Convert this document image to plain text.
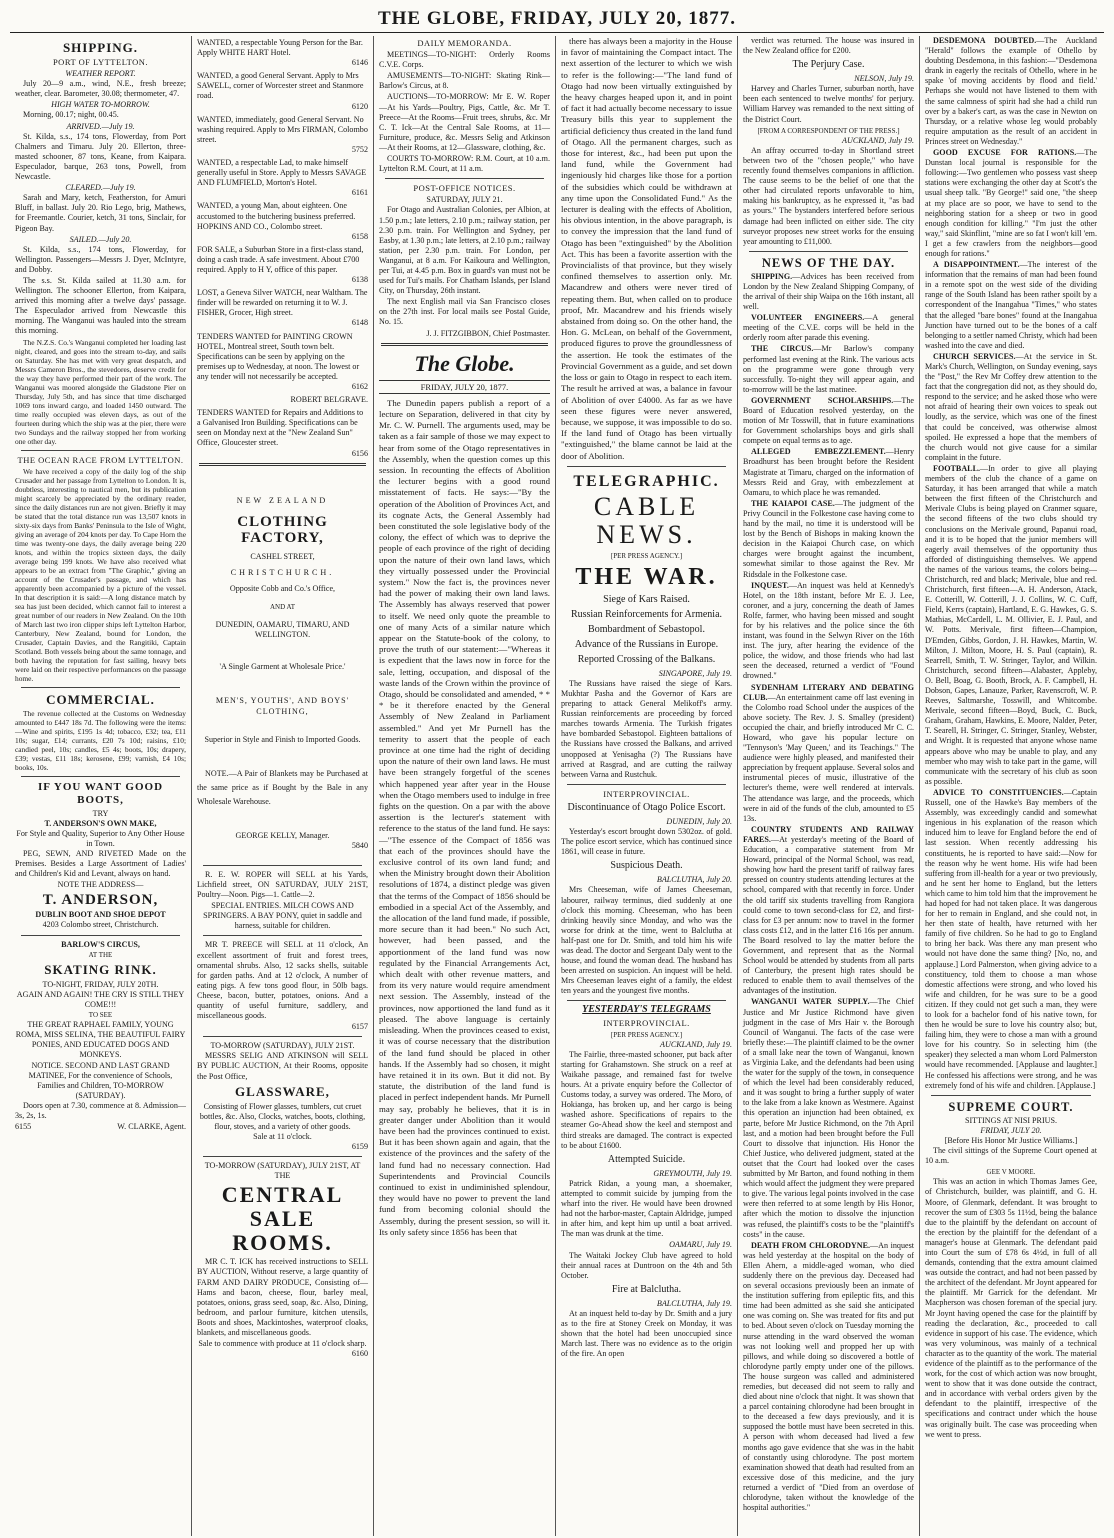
THE GLOBE, FRIDAY, JULY 20, 1877.
SHIPPING.
PORT OF LYTTELTON.
WEATHER REPORT.

July 20—9 a.m., wind, N.E., fresh breeze; weather, clear. Barometer, 30.08; thermometer, 47.

HIGH WATER TO-MORROW.

Morning, 00.17; night, 00.45.

ARRIVED.—July 19.

St. Kilda, s.s., 174 tons, Flowerday, from Port Chalmers and Timaru. July 20. Ellerton, three-masted schooner, 87 tons, Keane, from Kaipara. Especulador, barque, 263 tons, Powell, from Newcastle.

CLEARED.—July 19.

Sarah and Mary, ketch, Featherston, for Amuri Bluff, in ballast. July 20. Rio Lego, brig, Mathews, for Freemantle. Courier, ketch, 31 tons, Sinclair, for Pigeon Bay.

SAILED.—July 20.

St. Kilda, s.s., 174 tons, Flowerday, for Wellington. Passengers—Messrs J. Dyer, McIntyre, and Dobby.

The s.s. St. Kilda sailed at 11.30 a.m. for Wellington. The schooner Ellerton, from Kaipara, arrived this morning after a twelve days' passage. The Especulador arrived from Newcastle this morning. The Wanganui was hauled into the stream this morning.

The N.Z.S. Co.'s Wanganui completed her loading last night, cleared, and goes into the stream to-day, and sails on Saturday. She has met with very great despatch, and Messrs Cameron Bros., the stevedores, deserve credit for the way they have performed their part of the work. The Wanganui was moored alongside the Gladstone Pier on Thursday, July 5th, and has since that time discharged 1069 tons inward cargo, and loaded 1450 outward. The time really occupied was eleven days, as out of the fourteen during which the ship was at the pier, there were two Sundays and the railway stopped her from working one other day.

THE OCEAN RACE FROM LYTTELTON.

We have received a copy of the daily log of the ship Crusader and her passage from Lyttelton to London. It is, doubtless, interesting to nautical men, but its publication might scarcely be appreciated by the ordinary reader, since the daily distances run are not given. Briefly it may be stated that the total distance run was 13,507 knots in sixty-six days from Banks' Peninsula to the Isle of Wight, giving an average of 204 knots per day. To Cape Horn the time was twenty-one days, the daily average being 220 knots, and within the tropics sixteen days, the daily average being 199 knots. We have also received what appears to be an extract from "The Graphic," giving an account of the Crusader's passage, and which has apparently been accompanied by a picture of the vessel. In that description it is said:—A long distance match by sea has just been decided, which cannot fail to interest a great number of our readers in New Zealand. On the 10th of March last two iron clipper ships left Lyttelton Harbor, Canterbury, New Zealand, bound for London, the Crusader, Captain Davies, and the Rangitiki, Captain Scotland. Both vessels being about the same tonnage, and both having the reputation for fast sailing, heavy bets were laid on their respective performances on the passage home.

COMMERCIAL.

The revenue collected at the Customs on Wednesday amounted to £447 18s 7d. The following were the items:—Wine and spirits, £195 1s 4d; tobacco, £32; tea, £11 10s; sugar, £14; currants, £20 7s 10d; raisins, £10; candied peel, 10s; candles, £5 4s; boots, 10s; drapery, £39; vestas, £11 18s; kerosene, £99; varnish, £4 10s; books, 10s.

IF YOU WANT GOOD BOOTS,
TRY
T. ANDERSON'S OWN MAKE,
For Style and Quality, Superior to Any Other House in Town.

PEG, SEWN, AND RIVETED Made on the Premises. Besides a Large Assortment of Ladies' and Children's Kid and Levant, always on hand.

NOTE THE ADDRESS—
T. ANDERSON,
DUBLIN BOOT AND SHOE DEPOT
4203 Colombo street, Christchurch.
BARLOW'S CIRCUS,
AT THE
SKATING RINK.
TO-NIGHT, FRIDAY, JULY 20TH.
AGAIN AND AGAIN! THE CRY IS STILL THEY COME!!!
TO SEE
THE GREAT RAPHAEL FAMILY, YOUNG ROMA, MISS SELINA, THE BEAUTIFUL FAIRY PONIES, AND EDUCATED DOGS AND MONKEYS.
NOTICE. SECOND AND LAST GRAND MATINEE, For the convenience of Schools, Families and Children, TO-MORROW (SATURDAY).

Doors open at 7.30, commence at 8. Admission—3s, 2s, 1s.

6155	W. CLARKE, Agent.
WANTED, a respectable Young Person for the Bar. Apply WHITE HART Hotel.
6146
WANTED, a good General Servant. Apply to Mrs SAWELL, corner of Worcester street and Stanmore road.
6120
WANTED, immediately, good General Servant. No washing required. Apply to Mrs FIRMAN, Colombo street.
5752
WANTED, a respectable Lad, to make himself generally useful in Store. Apply to Messrs SAVAGE AND FLUMFIELD, Morton's Hotel.
6161
WANTED, a young Man, about eighteen. One accustomed to the butchering business preferred. HOPKINS AND CO., Colombo street.
6158
FOR SALE, a Suburban Store in a first-class stand, doing a cash trade. A safe investment. About £700 required. Apply to H Y, office of this paper.
6138
LOST, a Geneva Silver WATCH, near Waltham. The finder will be rewarded on returning it to W. J. FISHER, Grocer, High street.
6148
TENDERS WANTED for PAINTING CROWN HOTEL, Montreal street, South town belt. Specifications can be seen by applying on the premises up to Wednesday, at noon. The lowest or any tender will not necessarily be accepted.
6162
ROBERT BELGRAVE.
TENDERS WANTED for Repairs and Additions to a Galvanised Iron Building. Specifications can be seen on Monday next at the "New Zealand Sun" Office, Gloucester street.
6156
NEW ZEALAND
CLOTHING FACTORY,
CASHEL STREET,
CHRISTCHURCH.
Opposite Cobb and Co.'s Office,
AND AT
DUNEDIN, OAMARU, TIMARU, AND WELLINGTON.
'A Single Garment at Wholesale Price.'
MEN'S, YOUTHS', AND BOYS' CLOTHING,
Superior in Style and Finish to Imported Goods.

NOTE.—A Pair of Blankets may be Purchased at the same price as if Bought by the Bale in any Wholesale Warehouse.

GEORGE KELLY, Manager.
5840

R. E. W. ROPER will SELL at his Yards, Lichfield street, ON SATURDAY, JULY 21ST, Poultry—Noon. Pigs—1. Cattle—2.

SPECIAL ENTRIES. MILCH COWS AND SPRINGERS. A BAY PONY, quiet in saddle and harness, suitable for children.

MR T. PREECE will SELL at 11 o'clock, An excellent assortment of fruit and forest trees, ornamental shrubs. Also, 12 sacks shells, suitable for garden paths. And at 12 o'clock, A number of eating pigs. A few tons good flour, in 50lb bags. Cheese, bacon, butter, potatoes, onions. And a quantity of useful furniture, saddlery, and miscellaneous goods.

6157
TO-MORROW (SATURDAY), JULY 21ST.

MESSRS SELIG AND ATKINSON will SELL BY PUBLIC AUCTION, At their Rooms, opposite the Post Office,

GLASSWARE,
Consisting of Flower glasses, tumblers, cut cruet bottles, &c. Also, Clocks, watches, boots, clothing, flour, stoves, and a variety of other goods.
Sale at 11 o'clock.
6159
TO-MORROW (SATURDAY), JULY 21ST, AT THE
CENTRAL SALE ROOMS.

MR C. T. ICK has received instructions to SELL BY AUCTION, Without reserve, a large quantity of FARM AND DAIRY PRODUCE, Consisting of— Hams and bacon, cheese, flour, barley meal, potatoes, onions, grass seed, soap, &c. Also, Dining, bedroom, and parlour furniture, kitchen utensils, Boots and shoes, Mackintoshes, waterproof cloaks, blankets, and miscellaneous goods.

Sale to commence with produce at 11 o'clock sharp.
6160
DAILY MEMORANDA.

MEETINGS—TO-NIGHT: Orderly Rooms C.V.E. Corps.

AMUSEMENTS—TO-NIGHT: Skating Rink—Barlow's Circus, at 8.

AUCTIONS—TO-MORROW: Mr E. W. Roper—At his Yards—Poultry, Pigs, Cattle, &c. Mr T. Preece—At the Rooms—Fruit trees, shrubs, &c. Mr C. T. Ick—At the Central Sale Rooms, at 11—Furniture, produce, &c. Messrs Selig and Atkinson—At their Rooms, at 12—Glassware, clothing, &c.

COURTS TO-MORROW: R.M. Court, at 10 a.m. Lyttelton R.M. Court, at 11 a.m.

POST-OFFICE NOTICES.
SATURDAY, JULY 21.

For Otago and Australian Colonies, per Albion, at 1.50 p.m.; late letters, 2.10 p.m.; railway station, per 2.30 p.m. train. For Wellington and Sydney, per Easby, at 1.30 p.m.; late letters, at 2.10 p.m.; railway station, per 2.30 p.m. train. For London, per Wanganui, at 8 a.m. For Kaikoura and Wellington, per Tui, at 4.45 p.m. Box in guard's van must not be used for Tui's mails. For Chatham Islands, per Island City, on Thursday, 26th instant.

The next English mail via San Francisco closes on the 27th inst. For local mails see Postal Guide, No. 15.

J. J. FITZGIBBON, Chief Postmaster.
The Globe.
FRIDAY, JULY 20, 1877.

The Dunedin papers publish a report of a lecture on Separation, delivered in that city by Mr. C. W. Purnell. The arguments used, may be taken as a fair sample of those we may expect to hear from some of the Otago representatives in the Assembly, when the question comes up this session. In recounting the effects of Abolition the lecturer begins with a good round misstatement of facts. He says:—"By the operation of the Abolition of Provinces Act, and its cognate Acts, the General Assembly had been constituted the sole legislative body of the colony, the effect of which was to deprive the people of each province of the right of deciding upon the nature of their own land laws, which they virtually possessed under the Provincial system." Now the fact is, the provinces never had the power of making their own land laws. The Assembly has always reserved that power to itself. We need only quote the preamble to one of many Acts of a similar nature which appear on the Statute-book of the colony, to prove the truth of our statement:—"Whereas it is expedient that the laws now in force for the sale, letting, occupation, and disposal of the waste lands of the Crown within the province of Otago, should be consolidated and amended, * * * be it therefore enacted by the General Assembly of New Zealand in Parliament assembled." And yet Mr Purnell has the temerity to assert that the people of each province at one time had the right of deciding upon the nature of their own land laws. He must have been strangely forgetful of the scenes which happened year after year in the House when the Otago members used to indulge in free fights on the question. On a par with the above assertion is the lecturer's statement with reference to the status of the land fund. He says:—"The essence of the Compact of 1856 was that each of the provinces should have the exclusive control of its own land fund; and when the Ministry brought down their Abolition resolutions of 1874, a distinct pledge was given that the terms of the Compact of 1856 should be embodied in a special Act of the Assembly, and the allocation of the land fund made, if possible, more secure than it had been." No such Act, however, had been passed, and the apportionment of the land fund was now regulated by the Financial Arrangements Act, which dealt with other revenue matters, and from its very nature would require amendment next session. The Assembly, instead of the provinces, now apportioned the land fund as it pleased. The above language is certainly misleading. When the provinces ceased to exist, it was of course necessary that the distribution of the land fund should be placed in other hands. If the Assembly had so chosen, it might have retained it in its own. But it did not. By statute, the distribution of the land fund is placed in perfect independent hands. Mr Purnell may say, probably he believes, that it is in greater danger under Abolition than it would have been had the provinces continued to exist. But it has been shown again and again, that the existence of the provinces and the safety of the land fund had no necessary connection. Had Superintendents and Provincial Councils continued to exist in undiminished splendour, they would have no power to prevent the land fund from becoming colonial should the Assembly, during the present session, so will it. Its only safety since 1856 has been that

there has always been a majority in the House in favor of maintaining the Compact intact. The next assertion of the lecturer to which we wish to refer is the following:—"The land fund of Otago had now been virtually extinguished by the heavy charges heaped upon it, and in point of fact it had actually become necessary to issue Treasury bills this year to supplement the artificial deficiency thus created in the land fund of Otago. All the permanent charges, such as those for interest, &c., had been put upon the land fund, while the Government had ingeniously hid charges like those for a portion of the subsidies which could be withdrawn at any time upon the Consolidated Fund." As the lecturer is dealing with the effects of Abolition, his obvious intention, in the above paragraph, is to convey the impression that the land fund of Otago has been "extinguished" by the Abolition Act. This has been a favorite assertion with the Provincialists of that province, but they wisely confined themselves to assertion only. Mr. Macandrew and others were never tired of repeating them. But, when called on to produce proof, Mr. Macandrew and his friends wisely abstained from doing so. On the other hand, the Hon. G. McLean, on behalf of the Government, produced figures to prove the groundlessness of the assertion. He took the estimates of the Provincial Government as a guide, and set down the loss or gain to Otago in respect to each item. The result he arrived at was, a balance in favour of Abolition of over £4000. As far as we have seen these figures were never answered, because, we suppose, it was impossible to do so. If the land fund of Otago has been virtually "extinguished," the blame cannot be laid at the door of Abolition.

TELEGRAPHIC.
CABLE NEWS.
[PER PRESS AGENCY.]
THE WAR.
Siege of Kars Raised.
Russian Reinforcements for Armenia.
Bombardment of Sebastopol.
Advance of the Russians in Europe.
Reported Crossing of the Balkans.
SINGAPORE, July 19.

The Russians have raised the siege of Kars. Mukhtar Pasha and the Governor of Kars are preparing to attack General Melikoff's army. Russian reinforcements are proceeding by forced marches towards Armenia. The Turkish frigates have bombarded Sebastopol. Eighteen battalions of the Russians have crossed the Balkans, and arrived unopposed at Yenisagha (?) The Russians have arrived at Rasgrad, and are cutting the railway between Varna and Rustchuk.

INTERPROVINCIAL.
Discontinuance of Otago Police Escort.
DUNEDIN, July 20.

Yesterday's escort brought down 5302oz. of gold. The police escort service, which has continued since 1861, will cease in future.

Suspicious Death.
BALCLUTHA, July 20.

Mrs Cheeseman, wife of James Cheeseman, labourer, railway terminus, died suddenly at one o'clock this morning. Cheeseman, who has been drinking heavily since Monday, and who was the worse for drink at the time, went to Balclutha at half-past one for Dr. Smith, and told him his wife was dead. The doctor and Sergeant Daly went to the house, and found the woman dead. The husband has been arrested on suspicion. An inquest will be held. Mrs Cheeseman leaves eight of a family, the eldest ten years and the youngest five months.

YESTERDAY'S TELEGRAMS
INTERPROVINCIAL.
[PER PRESS AGENCY.]
AUCKLAND, July 19.

The Fairlie, three-masted schooner, put back after starting for Grahamstown. She struck on a reef at Waikahe passage, and remained fast for twelve hours. At a private enquiry before the Collector of Customs today, a survey was ordered. The Moro, of Hokianga, has broken up, and her cargo is being washed ashore. Specifications of repairs to the steamer Go-Ahead show the keel and sternpost and third streaks are damaged. The contract is expected to be about £1600.

Attempted Suicide.
GREYMOUTH, July 19.

Patrick Ridan, a young man, a shoemaker, attempted to commit suicide by jumping from the wharf into the river. He would have been drowned had not the harbor-master, Captain Aldridge, jumped in after him, and kept him up until a boat arrived. The man was drunk at the time.

OAMARU, July 19.

The Waitaki Jockey Club have agreed to hold their annual races at Duntroon on the 4th and 5th October.

Fire at Balclutha.
BALCLUTHA, July 19.

At an inquest held to-day by Dr. Smith and a jury as to the fire at Stoney Creek on Monday, it was shown that the hotel had been unoccupied since March last. There was no evidence as to the origin of the fire. An open

verdict was returned. The house was insured in the New Zealand office for £200.

The Perjury Case.
NELSON, July 19.

Harvey and Charles Turner, suburban north, have been each sentenced to twelve months' for perjury. William Harvey was remanded to the next sitting of the District Court.

[FROM A CORRESPONDENT OF THE PRESS.]
AUCKLAND, July 19.

An affray occurred to-day in Shortland street between two of the "chosen people," who have recently found themselves companions in affliction. The cause seems to be the belief of one that the other had circulated reports unfavorable to him, making his bankruptcy, as he expressed it, "as bad as yours." The bystanders interfered before serious damage had been inflicted on either side. The city surveyor proposes new street works for the ensuing year amounting to £11,000.

NEWS OF THE DAY.

SHIPPING.—Advices has been received from London by the New Zealand Shipping Company, of the arrival of their ship Waipa on the 16th instant, all well.

VOLUNTEER ENGINEERS.—A general meeting of the C.V.E. corps will be held in the orderly room after parade this evening.

THE CIRCUS.—Mr Barlow's company performed last evening at the Rink. The various acts on the programme were gone through very successfully. To-night they will appear again, and to-morrow will be the last matinee.

GOVERNMENT SCHOLARSHIPS.—The Board of Education resolved yesterday, on the motion of Mr Tosswill, that in future examinations for Government scholarships boys and girls shall compete on equal terms as to age.

ALLEGED EMBEZZLEMENT.—Henry Broadhurst has been brought before the Resident Magistrate at Timaru, charged on the information of Messrs Reid and Gray, with embezzlement at Oamaru, to which place he was remanded.

THE KAIAPOI CASE.—The judgment of the Privy Council in the Folkestone case having come to hand by the mail, no time it is understood will be lost by the Bench of Bishops in making known the decision in the Kaiapoi Church case, on which charges were brought against the incumbent, somewhat similar to those against the Rev. Mr Ridsdale in the Folkestone case.

INQUEST.—An inquest was held at Kennedy's Hotel, on the 18th instant, before Mr E. J. Lee, coroner, and a jury, concerning the death of James Rolfe, farmer, who having been missed and sought for by his relatives and the police since the 6th instant, was found in the Selwyn River on the 16th inst. The jury, after hearing the evidence of the police, the widow, and those friends who had last seen the deceased, returned a verdict of "Found drowned."

SYDENHAM LITERARY AND DEBATING CLUB.—An entertainment came off last evening in the Colombo road School under the auspices of the above society. The Rev. J. S. Smalley (president) occupied the chair, and briefly introduced Mr C. C. Howard, who gave his popular lecture on "Tennyson's 'May Queen,' and its Teachings." The audience were highly pleased, and manifested their appreciation by frequent applause. Several solos and instrumental pieces of music, illustrative of the lecturer's theme, were well rendered at intervals. The attendance was large, and the proceeds, which were in aid of the funds of the club, amounted to £5 13s.

COUNTRY STUDENTS AND RAILWAY FARES.—At yesterday's meeting of the Board of Education, a comparative statement from Mr Howard, principal of the Normal School, was read, showing how hard the present tariff of railway fares pressed on country students attending lectures at the school, compared with that recently in force. Under the old tariff six students travelling from Rangiora could come to town second-class for £2, and first-class for £3 per annum: now to travel in the former class costs £12, and in the latter £16 16s per annum. The Board resolved to lay the matter before the Government, and represent that as the Normal School would be attended by students from all parts of Canterbury, the present high rates should be reduced to enable them to avail themselves of the advantages of the institution.

WANGANUI WATER SUPPLY.—The Chief Justice and Mr Justice Richmond have given judgment in the case of Mrs Hair v. the Borough Council of Wanganui. The facts of the case were briefly these:—The plaintiff claimed to be the owner of a small lake near the town of Wanganui, known as Virginia Lake, and the defendants had been using the water for the supply of the town, in consequence of which the level had been considerably reduced, and it was sought to bring a further supply of water to the lake from a lake known as Westmere. Against this operation an injunction had been obtained, ex parte, before Mr Justice Richmond, on the 7th April last, and a motion had been brought before the Full Court to dissolve that injunction. His Honor the Chief Justice, who delivered judgment, stated at the outset that the Court had looked over the cases submitted by Mr Barton, and found nothing in them which would affect the judgment they were prepared to give. The various legal points involved in the case were then referred to at some length by His Honor, after which the motion to dissolve the injunction was refused, the plaintiff's costs to be the "plaintiff's costs" in the cause.

DEATH FROM CHLORODYNE.—An inquest was held yesterday at the hospital on the body of Ellen Ahern, a middle-aged woman, who died suddenly there on the previous day. Deceased had on several occasions previously been an inmate of the institution suffering from epileptic fits, and this time had been admitted as she said she anticipated one was coming on. She was treated for fits and put to bed. About seven o'clock on Tuesday morning the nurse attending in the ward observed the woman was not looking well and propped her up with pillows, and while doing so discovered a bottle of chlorodyne partly empty under one of the pillows. The house surgeon was called and administered remedies, but deceased did not seem to rally and died about nine o'clock that night. It was shown that a parcel containing chlorodyne had been brought in to the deceased a few days previously, and it is supposed the bottle must have been secreted in this. A person with whom deceased had lived a few months ago gave evidence that she was in the habit of constantly using chlorodyne. The post mortem examination showed that death had resulted from an excessive dose of this medicine, and the jury returned a verdict of "Died from an overdose of chlorodyne, taken without the knowledge of the hospital authorities."

DESDEMONA DOUBTED.—The Auckland "Herald" follows the example of Othello by doubting Desdemona, in this fashion:—"Desdemona drank in eagerly the recitals of Othello, where in he spake 'of moving accidents by flood and field.' Perhaps she would not have listened to them with the same calmness of spirit had she had a child run over by a baker's cart, as was the case in Newton on Thursday, or a relative whose leg would probably require amputation as the result of an accident in Princes street on Wednesday."

GOOD EXCUSE FOR RATIONS.—The Dunstan local journal is responsible for the following:—Two gentlemen who possess vast sheep stations were exchanging the other day at Scott's the usual sheep talk. "By George!" said one, "the sheep at my place are so poor, we have to send to the neighboring station for a sheep or two in good enough condition for killing." "I'm just the other way," said Skinflint, "mine are so fat I won't kill 'em. I get a few crawlers from the neighbors—good enough for rations."

A DISAPPOINTMENT.—The interest of the information that the remains of man had been found in a remote spot on the west side of the dividing range of the South Island has been rather spoilt by a correspondent of the Inangahua "Times," who states that the alleged "bare bones" found at the Inangahua Junction have turned out to be the bones of a calf belonging to a settler named Christy, which had been washed into the cave and died.

CHURCH SERVICES.—At the service in St. Mark's Church, Wellington, on Sunday evening, says the "Post," the Rev Mr Coffey drew attention to the fact that the congregation did not, as they should do, respond to the service; and he asked those who were not afraid of hearing their own voices to speak out loudly, as the service, which was one of the finest that could be conceived, was otherwise almost spoiled. He expressed a hope that the members of the church would not give cause for a similar complaint in the future.

FOOTBALL.—In order to give all playing members of the club the chance of a game on Saturday, it has been arranged that while a match between the first fifteen of the Christchurch and Merivale Clubs is being played on Cranmer square, the second fifteens of the two clubs should try conclusions on the Merivale ground, Papanui road, and it is to be hoped that the junior members will eagerly avail themselves of the opportunity thus afforded of distinguishing themselves. We append the names of the various teams, the colors being—Christchurch, red and black; Merivale, blue and red. Christchurch, first fifteen—A. H. Anderson, Atack, E. Cotterill, W. Cotterill, J. J. Collins, W. C. Cuff, Field, Kerrs (captain), Hartland, E. G. Hawkes, G. S. Mathias, McCardell, L. M. Ollivier, E. J. Paul, and W. Potts. Merivale, first fifteen—Champion, D'Emden, Gibbs, Gordon, J. H. Hawkes, Martin, W. Milton, J. Milton, Moore, H. S. Paul (captain), R. Searrell, Smith, T. W. Stringer, Taylor, and Wilkin. Christchurch, second fifteen—Alabaster, Appleby, O. Bell, Boag, G. Booth, Brock, A. F. Campbell, H. Dobson, Gapes, Lanauze, Parker, Ravenscroft, W. P. Reeves, Saltmarshe, Tosswill, and Whitcombe. Merivale, second fifteen—Boyd, Buck, C. Buck, Graham, Graham, Hawkins, E. Moore, Nalder, Peter, T. Searell, H. Stringer, C. Stringer, Stanley, Webster, and Wright. It is requested that anyone whose name appears above who may be unable to play, and any member who may wish to take part in the game, will communicate with the secretary of his club as soon as possible.

ADVICE TO CONSTITUENCIES.—Captain Russell, one of the Hawke's Bay members of the Assembly, was exceedingly candid and somewhat ingenious in his explanation of the reason which induced him to leave for England before the end of last session. When recently addressing his constituents, he is reported to have said:—Now for the reason why he went home. His wife had been suffering from ill-health for a year or two previously, and he sent her home to England, but the letters which came to him told him that the improvement he had hoped for had not taken place. It was dangerous for her to remain in England, and she could not, in her then state of health, have returned with her family of five children. So he had to go to England to bring her back. Was there any man present who would not have done the same thing? [No, no, and applause.] Lord Palmerston, when giving advice to a constituency, told them to choose a man whose domestic affections were strong, and who loved his wife and children, for he was sure to be a good citizen. If they could not get such a man, they were to look for a bachelor fond of his native town, for then he would be sure to love his country also; but, failing him, they were to chose a man with a ground love for his country. So in selecting him (the speaker) they selected a man whom Lord Palmerston would have recommended. [Applause and laughter.] He confessed his affections were strong, and he was extremely fond of his wife and children. [Applause.]

SUPREME COURT.
SITTINGS AT NISI PRIUS.
FRIDAY, JULY 20.
[Before His Honor Mr Justice Williams.]

The civil sittings of the Supreme Court opened at 10 a.m.

GEE V MOORE.

This was an action in which Thomas James Gee, of Christchurch, builder, was plaintiff, and G. H. Moore, of Glenmark, defendant. It was brought to recover the sum of £303 5s 11½d, being the balance due to the plaintiff by the defendant on account of the erection by the plaintiff for the defendant of a manager's house at Glenmark. The defendant paid into Court the sum of £78 6s 4½d, in full of all demands, contending that the extra amount claimed was outside the contract, and had not been passed by the architect of the defendant. Mr Joynt appeared for the plaintiff. Mr Garrick for the defendant. Mr Macpherson was chosen foreman of the special jury. Mr Joynt having opened the case for the plaintiff by reading the declaration, &c., proceeded to call evidence in support of his case. The evidence, which was very voluminous, was mainly of a technical character as to the quantity of the work. The material evidence of the plaintiff as to the performance of the work, for the cost of which action was now brought, went to show that it was done outside the contract, and in accordance with verbal orders given by the defendant to the plaintiff, irrespective of the specifications and contract under which the house was originally built. The case was proceeding when we went to press.
